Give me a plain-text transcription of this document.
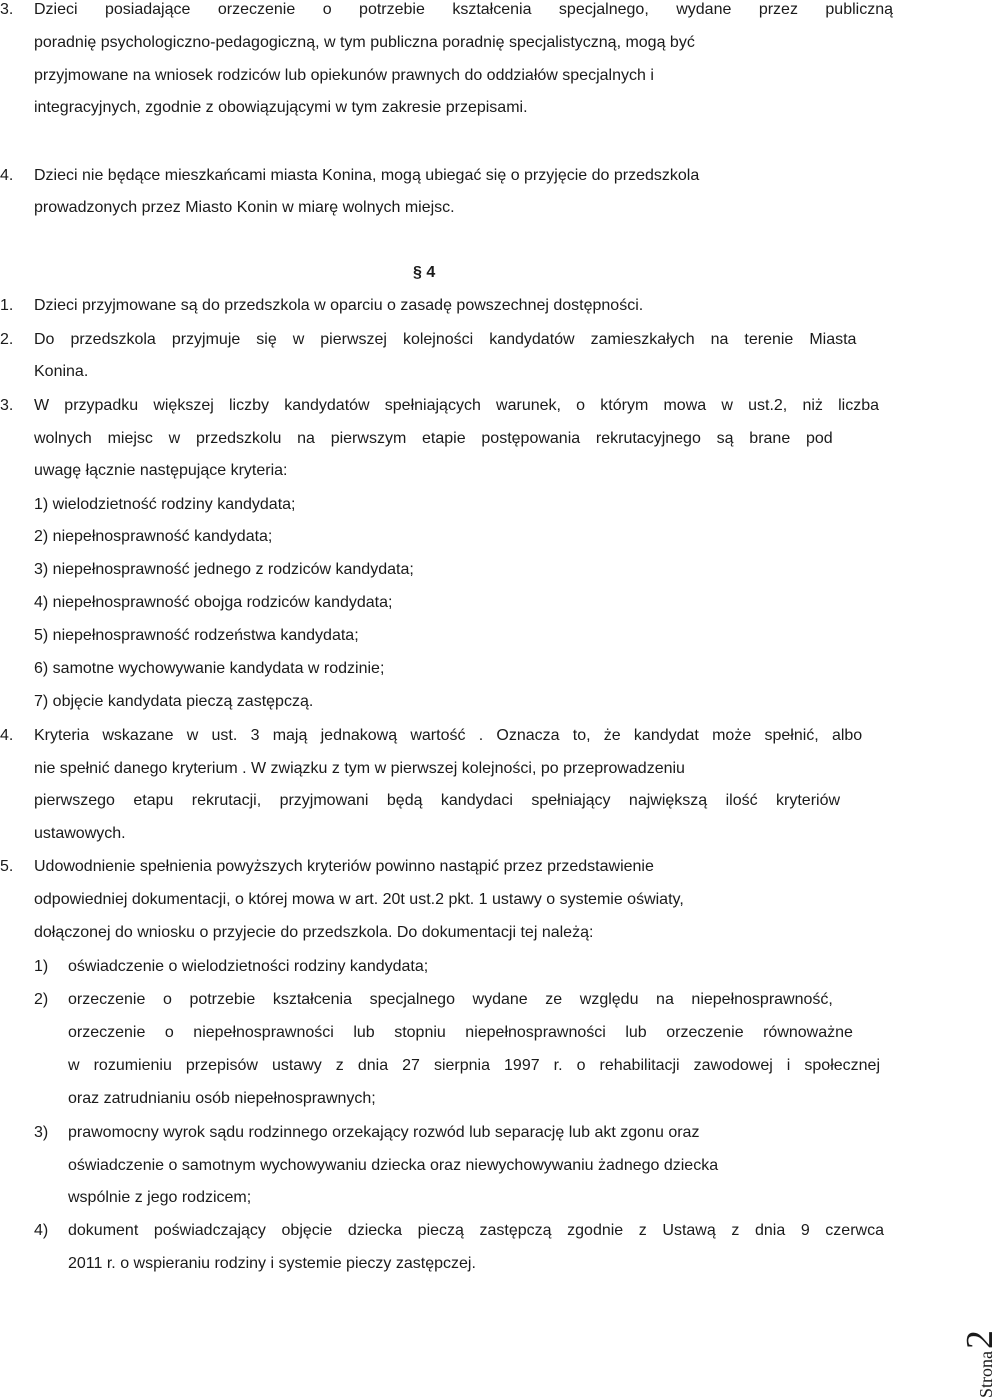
3. Dzieci posiadające orzeczenie o potrzebie kształcenia specjalnego, wydane przez publiczną
poradnię psychologiczno-pedagogiczną, w tym publiczna poradnię specjalistyczną, mogą być
przyjmowane na wniosek rodziców lub opiekunów prawnych do oddziałów specjalnych i
integracyjnych, zgodnie z obowiązującymi w tym zakresie przepisami.
4. Dzieci nie będące mieszkańcami miasta Konina, mogą ubiegać się o przyjęcie do przedszkola
prowadzonych przez Miasto Konin w miarę wolnych miejsc.
1. Dzieci przyjmowane są do przedszkola w oparciu o zasadę powszechnej dostępności.
2. Do przedszkola przyjmuje się w pierwszej kolejności kandydatów zamieszkałych na terenie Miasta
Konina.
3. W przypadku większej liczby kandydatów spełniających warunek, o którym mowa w ust.2, niż liczba
wolnych miejsc w przedszkolu na pierwszym etapie postępowania rekrutacyjnego są brane pod
uwagę łącznie następujące kryteria:
1) wielodzietność rodziny kandydata;
2) niepełnosprawność kandydata;
3) niepełnosprawność jednego z rodziców kandydata;
4) niepełnosprawność obojga rodziców kandydata;
5) niepełnosprawność rodzeństwa kandydata;
6) samotne wychowywanie kandydata w rodzinie;
7) objęcie kandydata pieczą zastępczą.
4. Kryteria wskazane w ust. 3 mają jednakową wartość . Oznacza to, że kandydat może spełnić, albo
nie spełnić danego kryterium . W związku z tym w pierwszej kolejności, po przeprowadzeniu
pierwszego etapu rekrutacji, przyjmowani będą kandydaci spełniający największą ilość kryteriów
ustawowych.
5. Udowodnienie spełnienia powyższych kryteriów powinno nastąpić przez przedstawienie
odpowiedniej dokumentacji, o której mowa w art. 20t ust.2 pkt. 1 ustawy o systemie oświaty,
dołączonej do wniosku o przyjecie do przedszkola. Do dokumentacji tej należą:
1) oświadczenie o wielodzietności rodziny kandydata;
2) orzeczenie o potrzebie kształcenia specjalnego wydane ze względu na niepełnosprawność,
orzeczenie o niepełnosprawności lub stopniu niepełnosprawności lub orzeczenie równoważne
w rozumieniu przepisów ustawy z dnia 27 sierpnia 1997 r. o rehabilitacji zawodowej i społecznej
oraz zatrudnianiu osób niepełnosprawnych;
3) prawomocny wyrok sądu rodzinnego orzekający rozwód lub separację lub akt zgonu oraz
oświadczenie o samotnym wychowywaniu dziecka oraz niewychowywaniu żadnego dziecka
wspólnie z jego rodzicem;
4) dokument poświadczający objęcie dziecka pieczą zastępczą zgodnie z Ustawą z dnia 9 czerwca
2011 r. o wspieraniu rodziny i systemie pieczy zastępczej.
§ 4
Strona
2
